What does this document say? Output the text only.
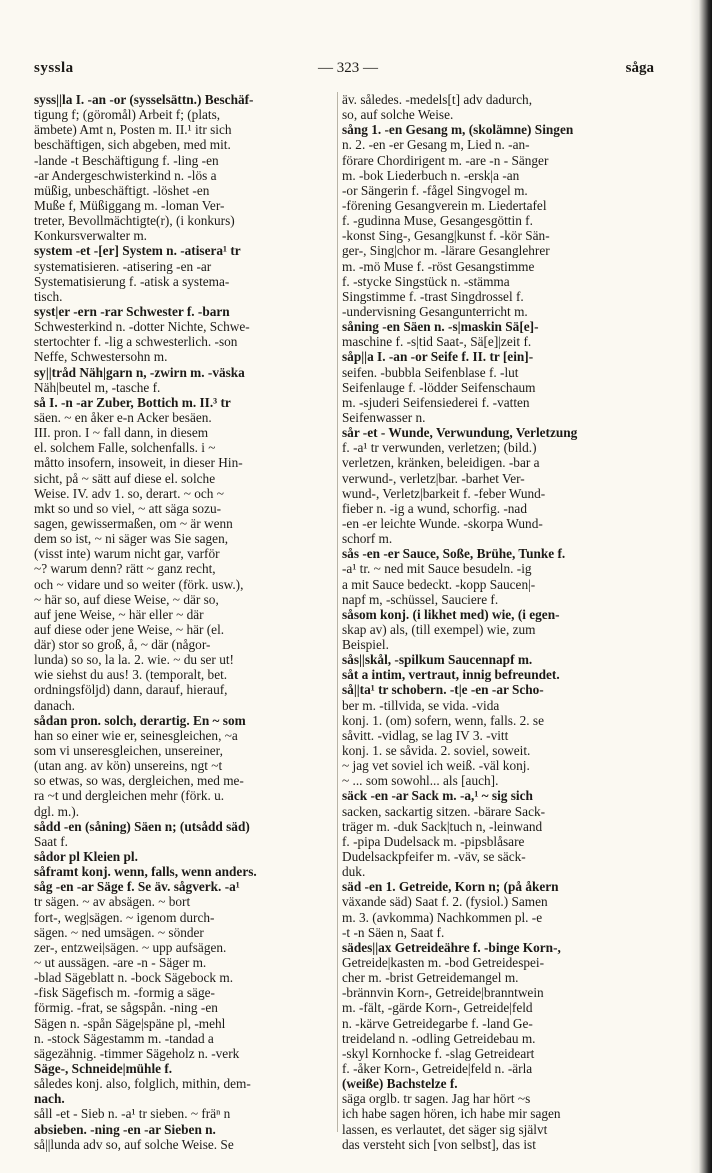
syssla	— 323 —	såga
syss||la I. -an -or (sysselsättn.) Beschäf-
tigung f; (göromål) Arbeit f; (plats,
ämbete) Amt n, Posten m. II.¹ itr sich
beschäftigen, sich abgeben, med mit.
-lande -t Beschäftigung f. -ling -en
-ar Andergeschwisterkind n. -lös a
müßig, unbeschäftigt. -löshet -en
Muße f, Müßiggang m. -loman Ver-
treter, Bevollmächtigte(r), (i konkurs)
Konkursverwalter m.
system -et -[er] System n. -atisera¹ tr
systematisieren. -atisering -en -ar
Systematisierung f. -atisk a systema-
tisch.
syst|er -ern -rar Schwester f. -barn
Schwesterkind n. -dotter Nichte, Schwe-
stertochter f. -lig a schwesterlich. -son
Neffe, Schwestersohn m.
sy||tråd Näh|garn n, -zwirn m. -väska
Näh|beutel m, -tasche f.
så I. -n -ar Zuber, Bottich m. II.³ tr
säen. ~ en åker e-n Acker besäen.
III. pron. I ~ fall dann, in diesem
el. solchem Falle, solchenfalls. i ~
måtto insofern, insoweit, in dieser Hin-
sicht, på ~ sätt auf diese el. solche
Weise. IV. adv 1. so, derart. ~ och ~
mkt so und so viel, ~ att säga sozu-
sagen, gewissermaßen, om ~ är wenn
dem so ist, ~ ni säger was Sie sagen,
(visst inte) warum nicht gar, varför
~? warum denn? rätt ~ ganz recht,
och ~ vidare und so weiter (förk. usw.),
~ här so, auf diese Weise, ~ där so,
auf jene Weise, ~ här eller ~ där
auf diese oder jene Weise, ~ här (el.
där) stor so groß, å, ~ där (någor-
lunda) so so, la la. 2. wie. ~ du ser ut!
wie siehst du aus! 3. (temporalt, bet.
ordningsföljd) dann, darauf, hierauf,
danach.
sådan pron. solch, derartig. En ~ som
han so einer wie er, seinesgleichen, ~a
som vi unseresgleichen, unsereiner,
(utan ang. av kön) unsereins, ngt ~t
so etwas, so was, dergleichen, med me-
ra ~t und dergleichen mehr (förk. u.
dgl. m.).
sådd -en (såning) Säen n; (utsådd säd)
Saat f.
sådor pl Kleien pl.
såframt konj. wenn, falls, wenn anders.
såg -en -ar Säge f. Se äv. sågverk. -a¹
tr sägen. ~ av absägen. ~ bort
fort-, weg|sägen. ~ igenom durch-
sägen. ~ ned umsägen. ~ sönder
zer-, entzwei|sägen. ~ upp aufsägen.
~ ut aussägen. -are -n - Säger m.
-blad Sägeblatt n. -bock Sägebock m.
-fisk Sägefisch m. -formig a säge-
förmig. -frat, se sågspån. -ning -en
Sägen n. -spån Säge|späne pl, -mehl
n. -stock Sägestamm m. -tandad a
sägezähnig. -timmer Sägeholz n. -verk
Säge-, Schneide|mühle f.
således konj. also, folglich, mithin, dem-
nach.
såll -et - Sieb n. -a¹ tr sieben. ~ fräⁿ n
absieben. -ning -en -ar Sieben n.
så||lunda adv so, auf solche Weise. Se
äv. således. -medels[t] adv dadurch,
so, auf solche Weise.
sång 1. -en Gesang m, (skolämne) Singen
n. 2. -en -er Gesang m, Lied n. -an-
förare Chordirigent m. -are -n - Sänger
m. -bok Liederbuch n. -ersk|a -an
-or Sängerin f. -fågel Singvogel m.
-förening Gesangverein m. Liedertafel
f. -gudinna Muse, Gesangesgöttin f.
-konst Sing-, Gesang|kunst f. -kör Sän-
ger-, Sing|chor m. -lärare Gesanglehrer
m. -mö Muse f. -röst Gesangstimme
f. -stycke Singstück n. -stämma
Singstimme f. -trast Singdrossel f.
-undervisning Gesangunterricht m.
såning -en Säen n. -s|maskin Sä[e]-
maschine f. -s|tid Saat-, Sä[e]|zeit f.
såp||a I. -an -or Seife f. II. tr [ein]-
seifen. -bubbla Seifenblase f. -lut
Seifenlauge f. -lödder Seifenschaum
m. -sjuderi Seifensiederei f. -vatten
Seifenwasser n.
sår -et - Wunde, Verwundung, Verletzung
f. -a¹ tr verwunden, verletzen; (bild.)
verletzen, kränken, beleidigen. -bar a
verwund-, verletz|bar. -barhet Ver-
wund-, Verletz|barkeit f. -feber Wund-
fieber n. -ig a wund, schorfig. -nad
-en -er leichte Wunde. -skorpa Wund-
schorf m.
sås -en -er Sauce, Soße, Brühe, Tunke f.
-a¹ tr. ~ ned mit Sauce besudeln. -ig
a mit Sauce bedeckt. -kopp Saucen|-
napf m, -schüssel, Sauciere f.
såsom konj. (i likhet med) wie, (i egen-
skap av) als, (till exempel) wie, zum
Beispiel.
sås||skål, -spilkum Saucennapf m.
såt a intim, vertraut, innig befreundet.
så||ta¹ tr schobern. -t|e -en -ar Scho-
ber m. -tillvida, se vida. -vida
konj. 1. (om) sofern, wenn, falls. 2. se
såvitt. -vidlag, se lag IV 3. -vitt
konj. 1. se såvida. 2. soviel, soweit.
~ jag vet soviel ich weiß. -väl konj.
~ ... som sowohl... als [auch].
säck -en -ar Sack m. -a,¹ ~ sig sich
sacken, sackartig sitzen. -bärare Sack-
träger m. -duk Sack|tuch n, -leinwand
f. -pipa Dudelsack m. -pipsblåsare
Dudelsackpfeifer m. -väv, se säck-
duk.
säd -en 1. Getreide, Korn n; (på åkern
växande säd) Saat f. 2. (fysiol.) Samen
m. 3. (avkomma) Nachkommen pl. -e
-t -n Säen n, Saat f.
sädes||ax Getreideähre f. -binge Korn-,
Getreide|kasten m. -bod Getreidespei-
cher m. -brist Getreidemangel m.
-brännvin Korn-, Getreide|branntwein
m. -fält, -gärde Korn-, Getreide|feld
n. -kärve Getreidegarbe f. -land Ge-
treideland n. -odling Getreidebau m.
-skyl Kornhocke f. -slag Getreideart
f. -åker Korn-, Getreide|feld n. -ärla
(weiße) Bachstelze f.
säga orglb. tr sagen. Jag har hört ~s
ich habe sagen hören, ich habe mir sagen
lassen, es verlautet, det säger sig självt
das versteht sich [von selbst], das ist
